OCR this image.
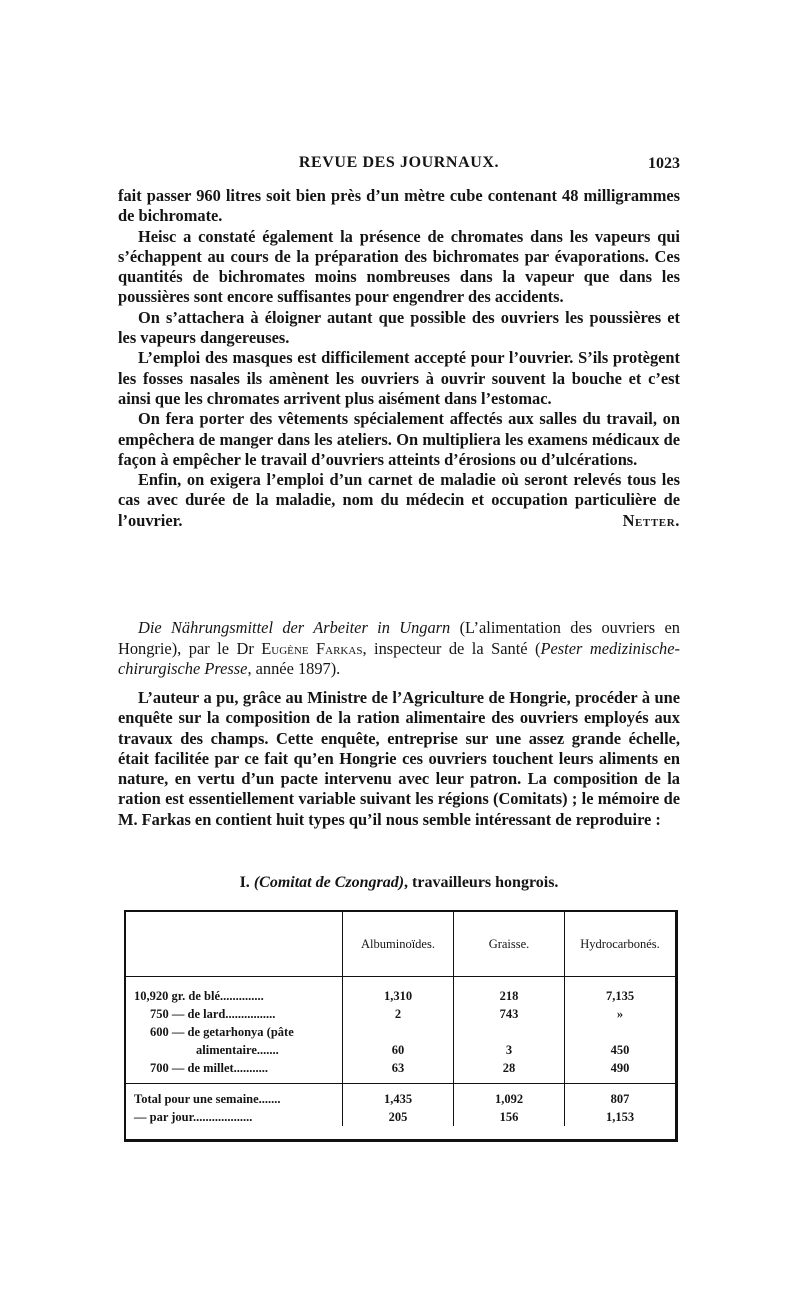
REVUE DES JOURNAUX.	1023

fait passer 960 litres soit bien près d’un mètre cube contenant 48 milligrammes de bichromate.

Heisc a constaté également la présence de chromates dans les vapeurs qui s’échappent au cours de la préparation des bichromates par évaporations. Ces quantités de bichromates moins nombreuses dans la vapeur que dans les poussières sont encore suffisantes pour engendrer des accidents.

On s’attachera à éloigner autant que possible des ouvriers les poussières et les vapeurs dangereuses.

L’emploi des masques est difficilement accepté pour l’ouvrier. S’ils protègent les fosses nasales ils amènent les ouvriers à ouvrir souvent la bouche et c’est ainsi que les chromates arrivent plus aisément dans l’estomac.

On fera porter des vêtements spécialement affectés aux salles du travail, on empêchera de manger dans les ateliers. On multipliera les examens médicaux de façon à empêcher le travail d’ouvriers atteints d’érosions ou d’ulcérations.

Enfin, on exigera l’emploi d’un carnet de maladie où seront relevés tous les cas avec durée de la maladie, nom du médecin et occupation particulière de l’ouvrier.	Netter.

Die Nährungsmittel der Arbeiter in Ungarn (L’alimentation des ouvriers en Hongrie), par le Dr Eugène Farkas, inspecteur de la Santé (Pester medizinische-chirurgische Presse, année 1897).
L’auteur a pu, grâce au Ministre de l’Agriculture de Hongrie, procéder à une enquête sur la composition de la ration alimentaire des ouvriers employés aux travaux des champs. Cette enquête, entreprise sur une assez grande échelle, était facilitée par ce fait qu’en Hongrie ces ouvriers touchent leurs aliments en nature, en vertu d’un pacte intervenu avec leur patron. La composition de la ration est essentiellement variable suivant les régions (Comitats) ; le mémoire de M. Farkas en contient huit types qu’il nous semble intéressant de reproduire :
I. (Comitat de Czongrad), travailleurs hongrois.
	Albuminoïdes.	Graisse.	Hydrocarbonés.
10,920 gr. de blé..............	1,310	218	7,135
750 — de lard................	2	743	»
600 — de getarhonya (pâte
alimentaire.......	60	3	450
700 — de millet...........	63	28	490
Total pour une semaine.......	1,435	1,092	807
— par jour...................	205	156	1,153
